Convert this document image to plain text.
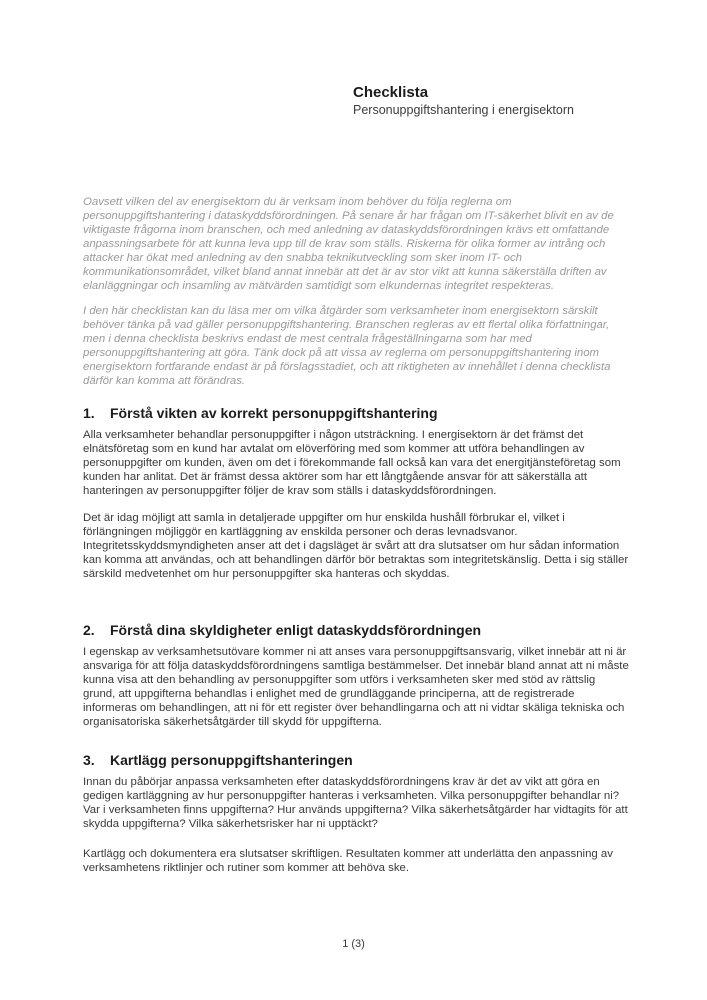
Checklista
Personuppgiftshantering i energisektorn

Oavsett vilken del av energisektorn du är verksam inom behöver du följa reglerna om personuppgiftshantering i dataskyddsförordningen. På senare år har frågan om IT-säkerhet blivit en av de viktigaste frågorna inom branschen, och med anledning av dataskyddsförordningen krävs ett omfattande anpassningsarbete för att kunna leva upp till de krav som ställs. Riskerna för olika former av intrång och attacker har ökat med anledning av den snabba teknikutveckling som sker inom IT- och kommunikationsområdet, vilket bland annat innebär att det är av stor vikt att kunna säkerställa driften av elanläggningar och insamling av mätvärden samtidigt som elkundernas integritet respekteras.

I den här checklistan kan du läsa mer om vilka åtgärder som verksamheter inom energisektorn särskilt behöver tänka på vad gäller personuppgiftshantering. Branschen regleras av ett flertal olika författningar, men i denna checklista beskrivs endast de mest centrala frågeställningarna som har med personuppgiftshantering att göra. Tänk dock på att vissa av reglerna om personuppgiftshantering inom energisektorn fortfarande endast är på förslagsstadiet, och att riktigheten av innehållet i denna checklista därför kan komma att förändras.

1.	Förstå vikten av korrekt personuppgiftshantering

Alla verksamheter behandlar personuppgifter i någon utsträckning. I energisektorn är det främst det elnätsföretag som en kund har avtalat om elöverföring med som kommer att utföra behandlingen av personuppgifter om kunden, även om det i förekommande fall också kan vara det energitjänsteföretag som kunden har anlitat. Det är främst dessa aktörer som har ett långtgående ansvar för att säkerställa att hanteringen av personuppgifter följer de krav som ställs i dataskyddsförordningen.

Det är idag möjligt att samla in detaljerade uppgifter om hur enskilda hushåll förbrukar el, vilket i förlängningen möjliggör en kartläggning av enskilda personer och deras levnadsvanor. Integritetsskyddsmyndigheten anser att det i dagsläget är svårt att dra slutsatser om hur sådan information kan komma att användas, och att behandlingen därför bör betraktas som integritetskänslig. Detta i sig ställer särskild medvetenhet om hur personuppgifter ska hanteras och skyddas.

2.	Förstå dina skyldigheter enligt dataskyddsförordningen

I egenskap av verksamhetsutövare kommer ni att anses vara personuppgiftsansvarig, vilket innebär att ni är ansvariga för att följa dataskyddsförordningens samtliga bestämmelser. Det innebär bland annat att ni måste kunna visa att den behandling av personuppgifter som utförs i verksamheten sker med stöd av rättslig grund, att uppgifterna behandlas i enlighet med de grundläggande principerna, att de registrerade informeras om behandlingen, att ni för ett register över behandlingarna och att ni vidtar skäliga tekniska och organisatoriska säkerhetsåtgärder till skydd för uppgifterna.

3.	Kartlägg personuppgiftshanteringen

Innan du påbörjar anpassa verksamheten efter dataskyddsförordningens krav är det av vikt att göra en gedigen kartläggning av hur personuppgifter hanteras i verksamheten. Vilka personuppgifter behandlar ni? Var i verksamheten finns uppgifterna? Hur används uppgifterna? Vilka säkerhetsåtgärder har vidtagits för att skydda uppgifterna? Vilka säkerhetsrisker har ni upptäckt?

Kartlägg och dokumentera era slutsatser skriftligen. Resultaten kommer att underlätta den anpassning av verksamhetens riktlinjer och rutiner som kommer att behöva ske.

1 (3)
